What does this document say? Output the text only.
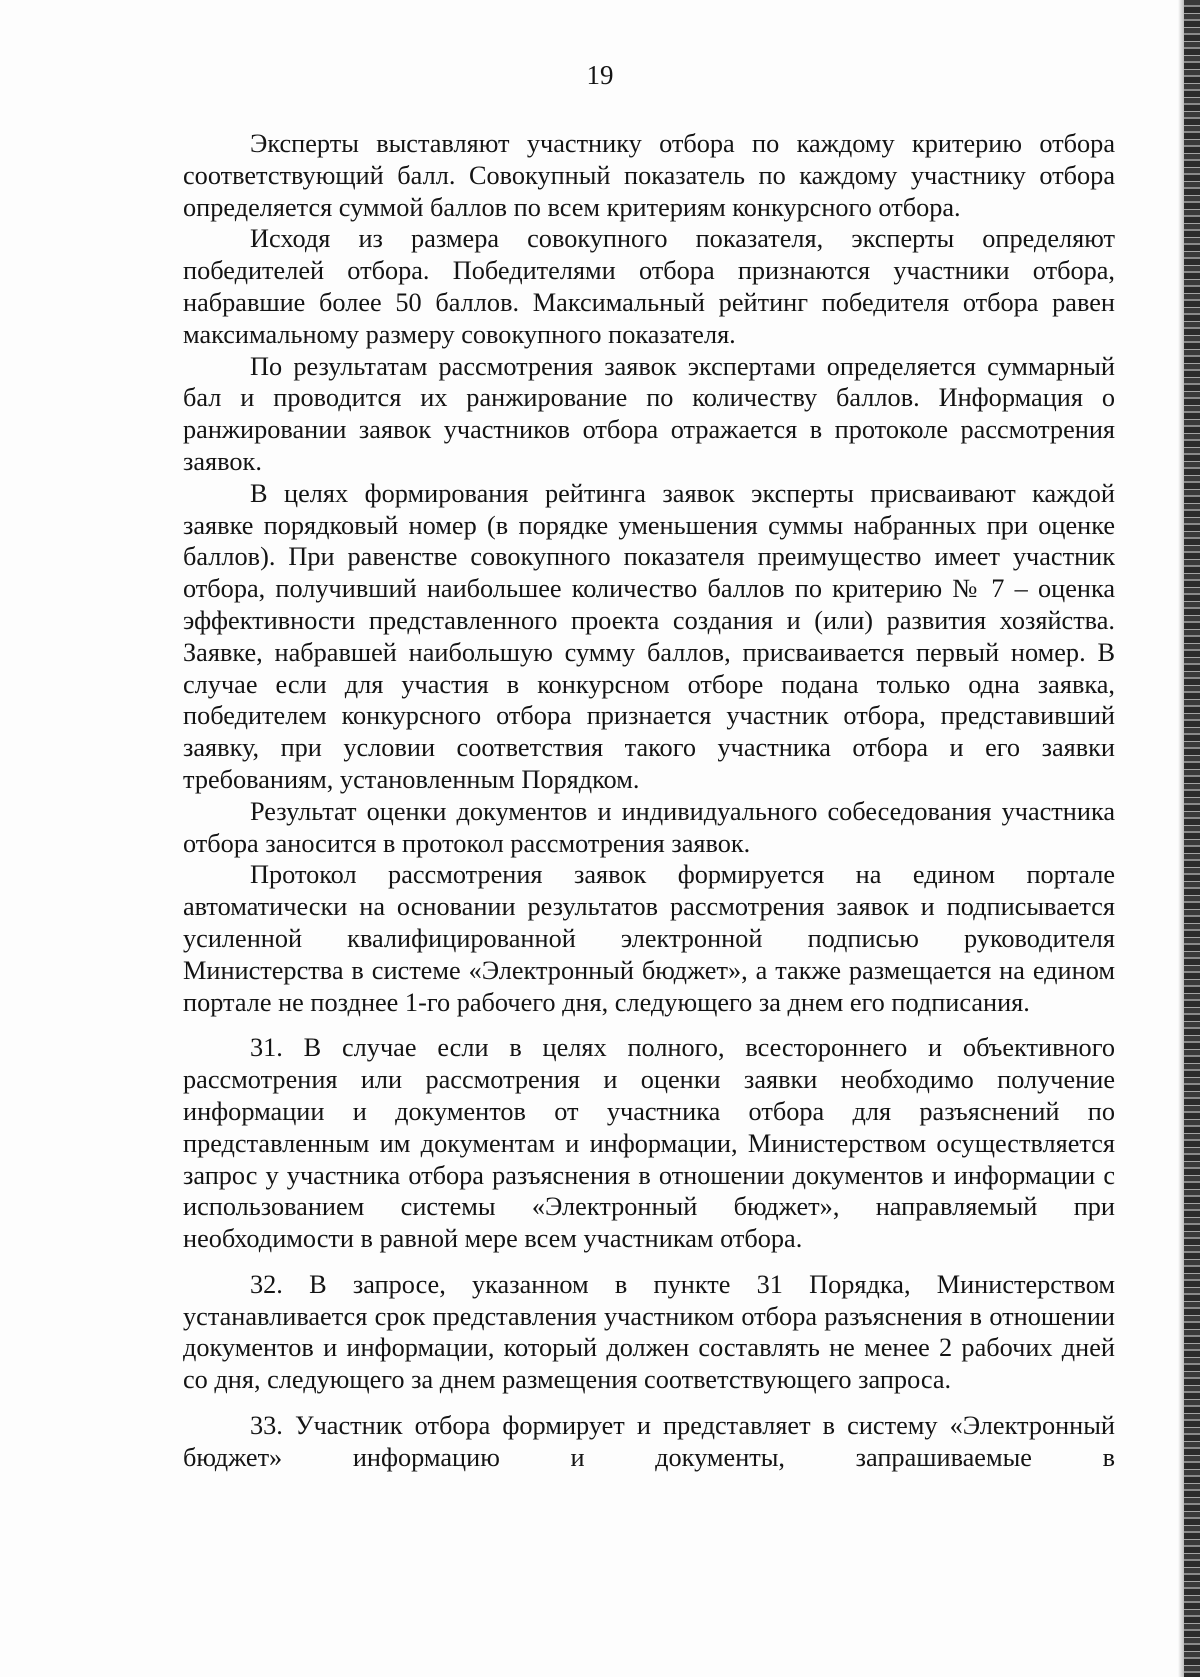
19

Эксперты выставляют участнику отбора по каждому критерию отбора соответствующий балл. Совокупный показатель по каждому участнику отбора определяется суммой баллов по всем критериям конкурсного отбора.

Исходя из размера совокупного показателя, эксперты определяют победителей отбора. Победителями отбора признаются участники отбора, набравшие более 50 баллов. Максимальный рейтинг победителя отбора равен максимальному размеру совокупного показателя.

По результатам рассмотрения заявок экспертами определяется суммарный бал и проводится их ранжирование по количеству баллов. Информация о ранжировании заявок участников отбора отражается в протоколе рассмотрения заявок.

В целях формирования рейтинга заявок эксперты присваивают каждой заявке порядковый номер (в порядке уменьшения суммы набранных при оценке баллов). При равенстве совокупного показателя преимущество имеет участник отбора, получивший наибольшее количество баллов по критерию № 7 – оценка эффективности представленного проекта создания и (или) развития хозяйства. Заявке, набравшей наибольшую сумму баллов, присваивается первый номер. В случае если для участия в конкурсном отборе подана только одна заявка, победителем конкурсного отбора признается участник отбора, представивший заявку, при условии соответствия такого участника отбора и его заявки требованиям, установленным Порядком.

Результат оценки документов и индивидуального собеседования участника отбора заносится в протокол рассмотрения заявок.

Протокол рассмотрения заявок формируется на едином портале автоматически на основании результатов рассмотрения заявок и подписывается усиленной квалифицированной электронной подписью руководителя Министерства в системе «Электронный бюджет», а также размещается на едином портале не позднее 1-го рабочего дня, следующего за днем его подписания.

31. В случае если в целях полного, всестороннего и объективного рассмотрения или рассмотрения и оценки заявки необходимо получение информации и документов от участника отбора для разъяснений по представленным им документам и информации, Министерством осуществляется запрос у участника отбора разъяснения в отношении документов и информации с использованием системы «Электронный бюджет», направляемый при необходимости в равной мере всем участникам отбора.

32. В запросе, указанном в пункте 31 Порядка, Министерством устанавливается срок представления участником отбора разъяснения в отношении документов и информации, который должен составлять не менее 2 рабочих дней со дня, следующего за днем размещения соответствующего запроса.

33. Участник отбора формирует и представляет в систему «Электронный бюджет» информацию и документы, запрашиваемые в
